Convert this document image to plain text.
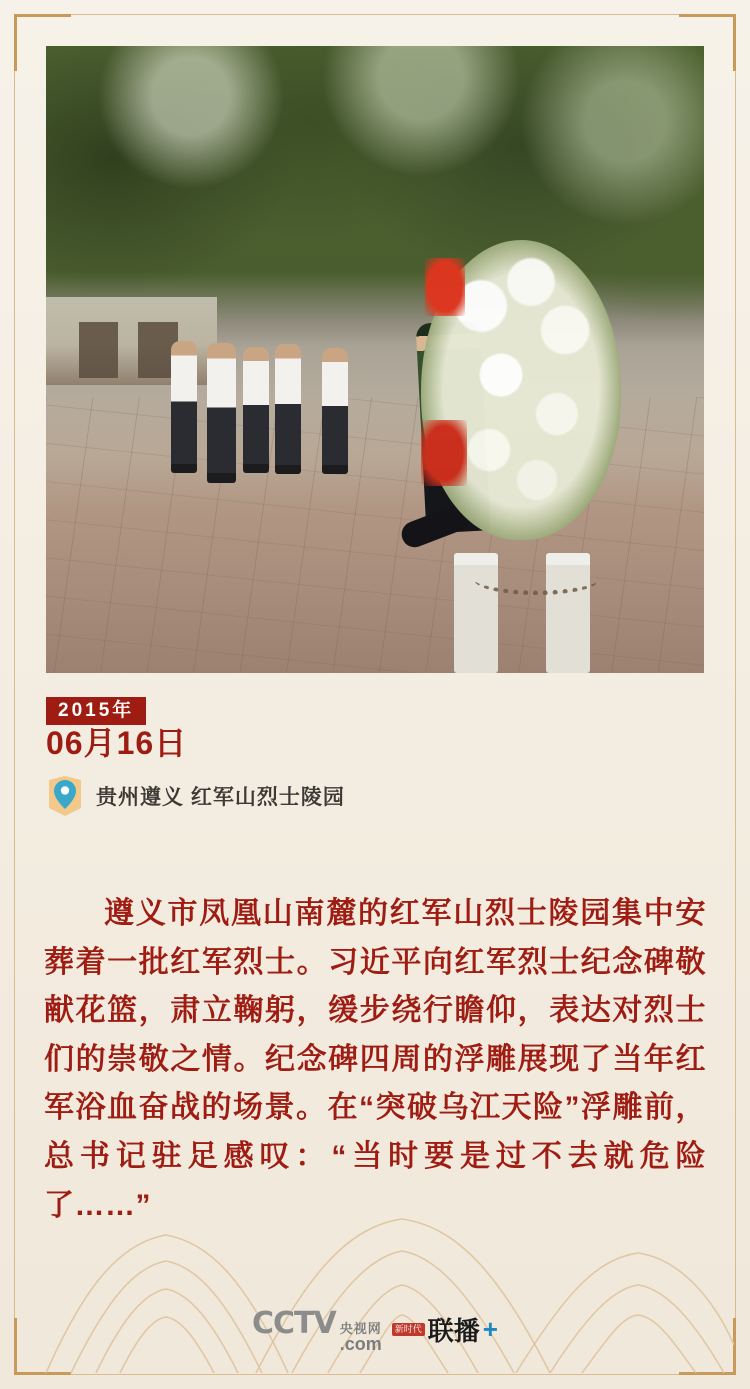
2015年
06月16日
贵州遵义 红军山烈士陵园

遵义市凤凰山南麓的红军山烈士陵园集中安葬着一批红军烈士。习近平向红军烈士纪念碑敬献花篮，肃立鞠躬，缓步绕行瞻仰，表达对烈士们的崇敬之情。纪念碑四周的浮雕展现了当年红军浴血奋战的场景。在“突破乌江天险”浮雕前，总书记驻足感叹：“当时要是过不去就危险了……”

CCTV 央视网
.com
新时代 联播 +
